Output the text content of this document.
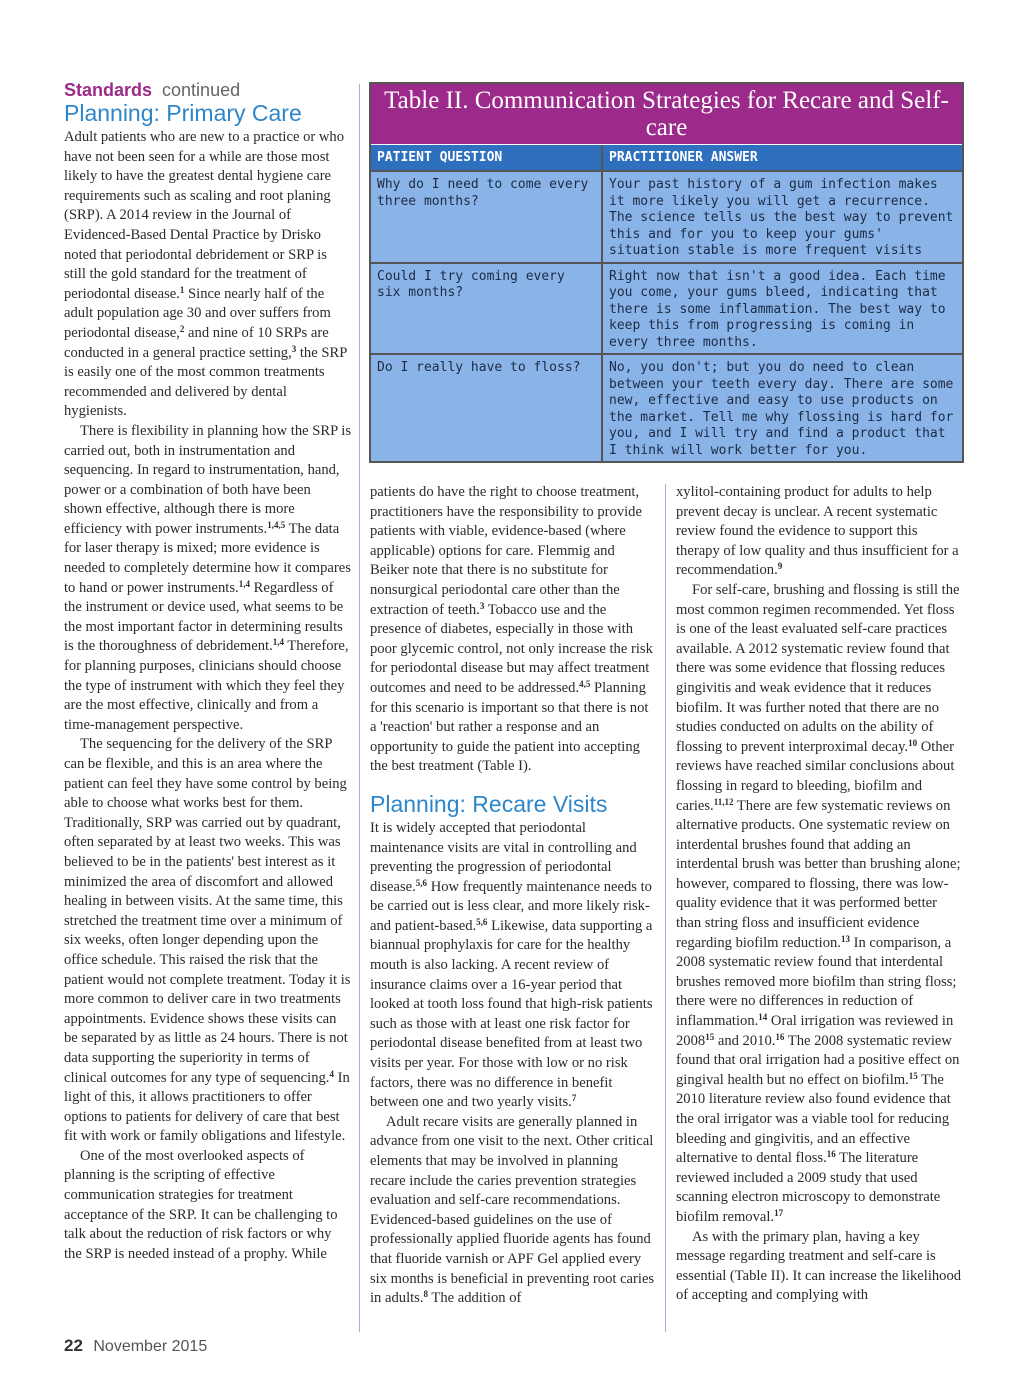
Standards continued

Planning: Primary Care

Adult patients who are new to a practice or who have not been seen for a while are those most likely to have the greatest dental hygiene care requirements such as scaling and root planing (SRP). A 2014 review in the Journal of Evidenced-Based Dental Practice by Drisko noted that periodontal debridement or SRP is still the gold standard for the treatment of periodontal disease.$^1$ Since nearly half of the adult population age 30 and over suffers from periodontal disease,$^2$ and nine of 10 SRPs are conducted in a general practice setting,$^3$ the SRP is easily one of the most common treatments recommended and delivered by dental hygienists.

There is flexibility in planning how the SRP is carried out, both in instrumentation and sequencing. In regard to instrumentation, hand, power or a combination of both have been shown effective, although there is more efficiency with power instruments.$^{1,4,5}$ The data for laser therapy is mixed; more evidence is needed to completely determine how it compares to hand or power instruments.$^{1,4}$ Regardless of the instrument or device used, what seems to be the most important factor in determining results is the thoroughness of debridement.$^{1,4}$ Therefore, for planning purposes, clinicians should choose the type of instrument with which they feel they are the most effective, clinically and from a time-management perspective.

The sequencing for the delivery of the SRP can be flexible, and this is an area where the patient can feel they have some control by being able to choose what works best for them. Traditionally, SRP was carried out by quadrant, often separated by at least two weeks. This was believed to be in the patients' best interest as it minimized the area of discomfort and allowed healing in between visits. At the same time, this stretched the treatment time over a minimum of six weeks, often longer depending upon the office schedule. This raised the risk that the patient would not complete treatment. Today it is more common to deliver care in two treatments appointments. Evidence shows these visits can be separated by as little as 24 hours. There is not data supporting the superiority in terms of clinical outcomes for any type of sequencing.$^4$ In light of this, it allows practitioners to offer options to patients for delivery of care that best fit with work or family obligations and lifestyle.

One of the most overlooked aspects of planning is the scripting of effective communication strategies for treatment acceptance of the SRP. It can be challenging to talk about the reduction of risk factors or why the SRP is needed instead of a prophy. While

Table II. Communication Strategies for Recare and Self-care
PATIENT QUESTION	PRACTITIONER ANSWER
Why do I need to come every three months?
Your past history of a gum infection makes it more likely you will get a recurrence. The science tells us the best way to prevent this and for you to keep your gums' situation stable is more frequent visits
Could I try coming every six months?
Right now that isn't a good idea. Each time you come, your gums bleed, indicating that there is some inflammation. The best way to keep this from progressing is coming in every three months.
Do I really have to floss?	No, you don't; but you do need to clean between your teeth every day. There are some new, effective and easy to use products on the market. Tell me why flossing is hard for you, and I will try and find a product that I think will work better for you.

patients do have the right to choose treatment, practitioners have the responsibility to provide patients with viable, evidence-based (where applicable) options for care. Flemmig and Beiker note that there is no substitute for nonsurgical periodontal care other than the extraction of teeth.$^3$ Tobacco use and the presence of diabetes, especially in those with poor glycemic control, not only increase the risk for periodontal disease but may affect treatment outcomes and need to be addressed.$^{4,5}$ Planning for this scenario is important so that there is not a 'reaction' but rather a response and an opportunity to guide the patient into accepting the best treatment (Table I).

Planning: Recare Visits

It is widely accepted that periodontal maintenance visits are vital in controlling and preventing the progression of periodontal disease.$^{5,6}$ How frequently maintenance needs to be carried out is less clear, and more likely risk- and patient-based.$^{5,6}$ Likewise, data supporting a biannual prophylaxis for care for the healthy mouth is also lacking. A recent review of insurance claims over a 16-year period that looked at tooth loss found that high-risk patients such as those with at least one risk factor for periodontal disease benefited from at least two visits per year. For those with low or no risk factors, there was no difference in benefit between one and two yearly visits.$^7$

Adult recare visits are generally planned in advance from one visit to the next. Other critical elements that may be involved in planning recare include the caries prevention strategies evaluation and self-care recommendations. Evidenced-based guidelines on the use of professionally applied fluoride agents has found that fluoride varnish or APF Gel applied every six months is beneficial in preventing root caries in adults.$^8$ The addition of

xylitol-containing product for adults to help prevent decay is unclear. A recent systematic review found the evidence to support this therapy of low quality and thus insufficient for a recommendation.$^9$

For self-care, brushing and flossing is still the most common regimen recommended. Yet floss is one of the least evaluated self-care practices available. A 2012 systematic review found that there was some evidence that flossing reduces gingivitis and weak evidence that it reduces biofilm. It was further noted that there are no studies conducted on adults on the ability of flossing to prevent interproximal decay.$^{10}$ Other reviews have reached similar conclusions about flossing in regard to bleeding, biofilm and caries.$^{11,12}$ There are few systematic reviews on alternative products. One systematic review on interdental brushes found that adding an interdental brush was better than brushing alone; however, compared to flossing, there was low-quality evidence that it was performed better than string floss and insufficient evidence regarding biofilm reduction.$^{13}$ In comparison, a 2008 systematic review found that interdental brushes removed more biofilm than string floss; there were no differences in reduction of inflammation.$^{14}$ Oral irrigation was reviewed in 2008$^{15}$ and 2010.16 The 2008 systematic review found that oral irrigation had a positive effect on gingival health but no effect on biofilm.$^{15}$ The 2010 literature review also found evidence that the oral irrigator was a viable tool for reducing bleeding and gingivitis, and an effective alternative to dental floss.$^{16}$ The literature reviewed included a 2009 study that used scanning electron microscopy to demonstrate biofilm removal.$^{17}$

As with the primary plan, having a key message regarding treatment and self-care is essential (Table II). It can increase the likelihood of accepting and complying with

22 November 2015
